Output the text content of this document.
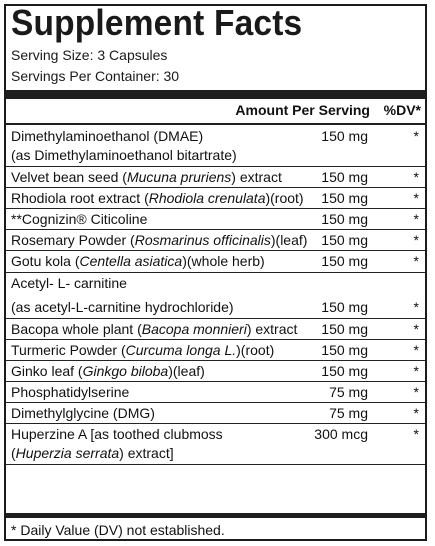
Supplement Facts
Serving Size: 3 Capsules
Servings Per Container: 30
Amount Per Serving %DV*
Dimethylaminoethanol (DMAE)
(as Dimethylaminoethanol bitartrate)
150 mg	*
Velvet bean seed (Mucuna pruriens) extract	150 mg	*
Rhodiola root extract (Rhodiola crenulata)(root)	150 mg	*
**Cognizin® Citicoline	150 mg	*
Rosemary Powder (Rosmarinus officinalis)(leaf) 150 mg	*
Gotu kola (Centella asiatica)(whole herb)	150 mg	*
Acetyl- L- carnitine
(as acetyl-L-carnitine hydrochloride)	150 mg	*
Bacopa whole plant (Bacopa monnieri) extract	150 mg	*
Turmeric Powder (Curcuma longa L.)(root)	150 mg	*
Ginko leaf (Ginkgo biloba)(leaf)	150 mg	*
Phosphatidylserine	75 mg	*
Dimethylglycine (DMG)	75 mg	*
Huperzine A [as toothed clubmoss
(Huperzia serrata) extract]
300 mcg	*
* Daily Value (DV) not established.
